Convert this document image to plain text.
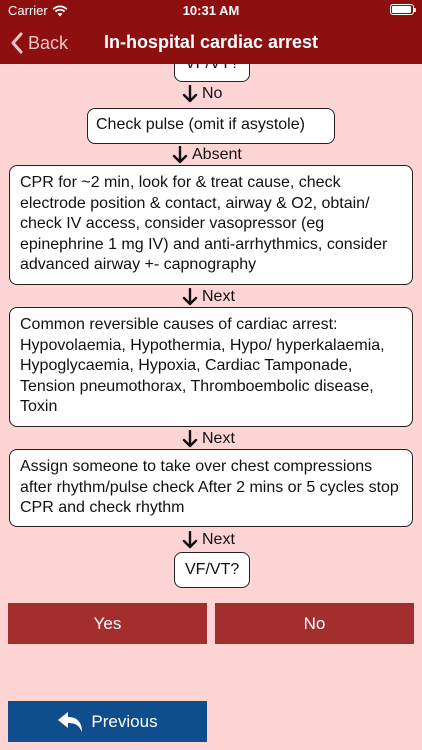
Carrier	10:31 AM
Back	In-hospital cardiac arrest
No
Check pulse (omit if asystole)
Absent
CPR for ~2 min, look for & treat cause, check electrode position & contact, airway & O2, obtain/ check IV access, consider vasopressor (eg epinephrine 1 mg IV) and anti-arrhythmics, consider advanced airway +- capnography
Next
Common reversible causes of cardiac arrest: Hypovolaemia, Hypothermia, Hypo/ hyperkalaemia, Hypoglycaemia, Hypoxia, Cardiac Tamponade, Tension pneumothorax, Thromboembolic disease, Toxin
Next
Assign someone to take over chest compressions after rhythm/pulse check After 2 mins or 5 cycles stop CPR and check rhythm
Next
VF/VT?
Yes	No
Previous
